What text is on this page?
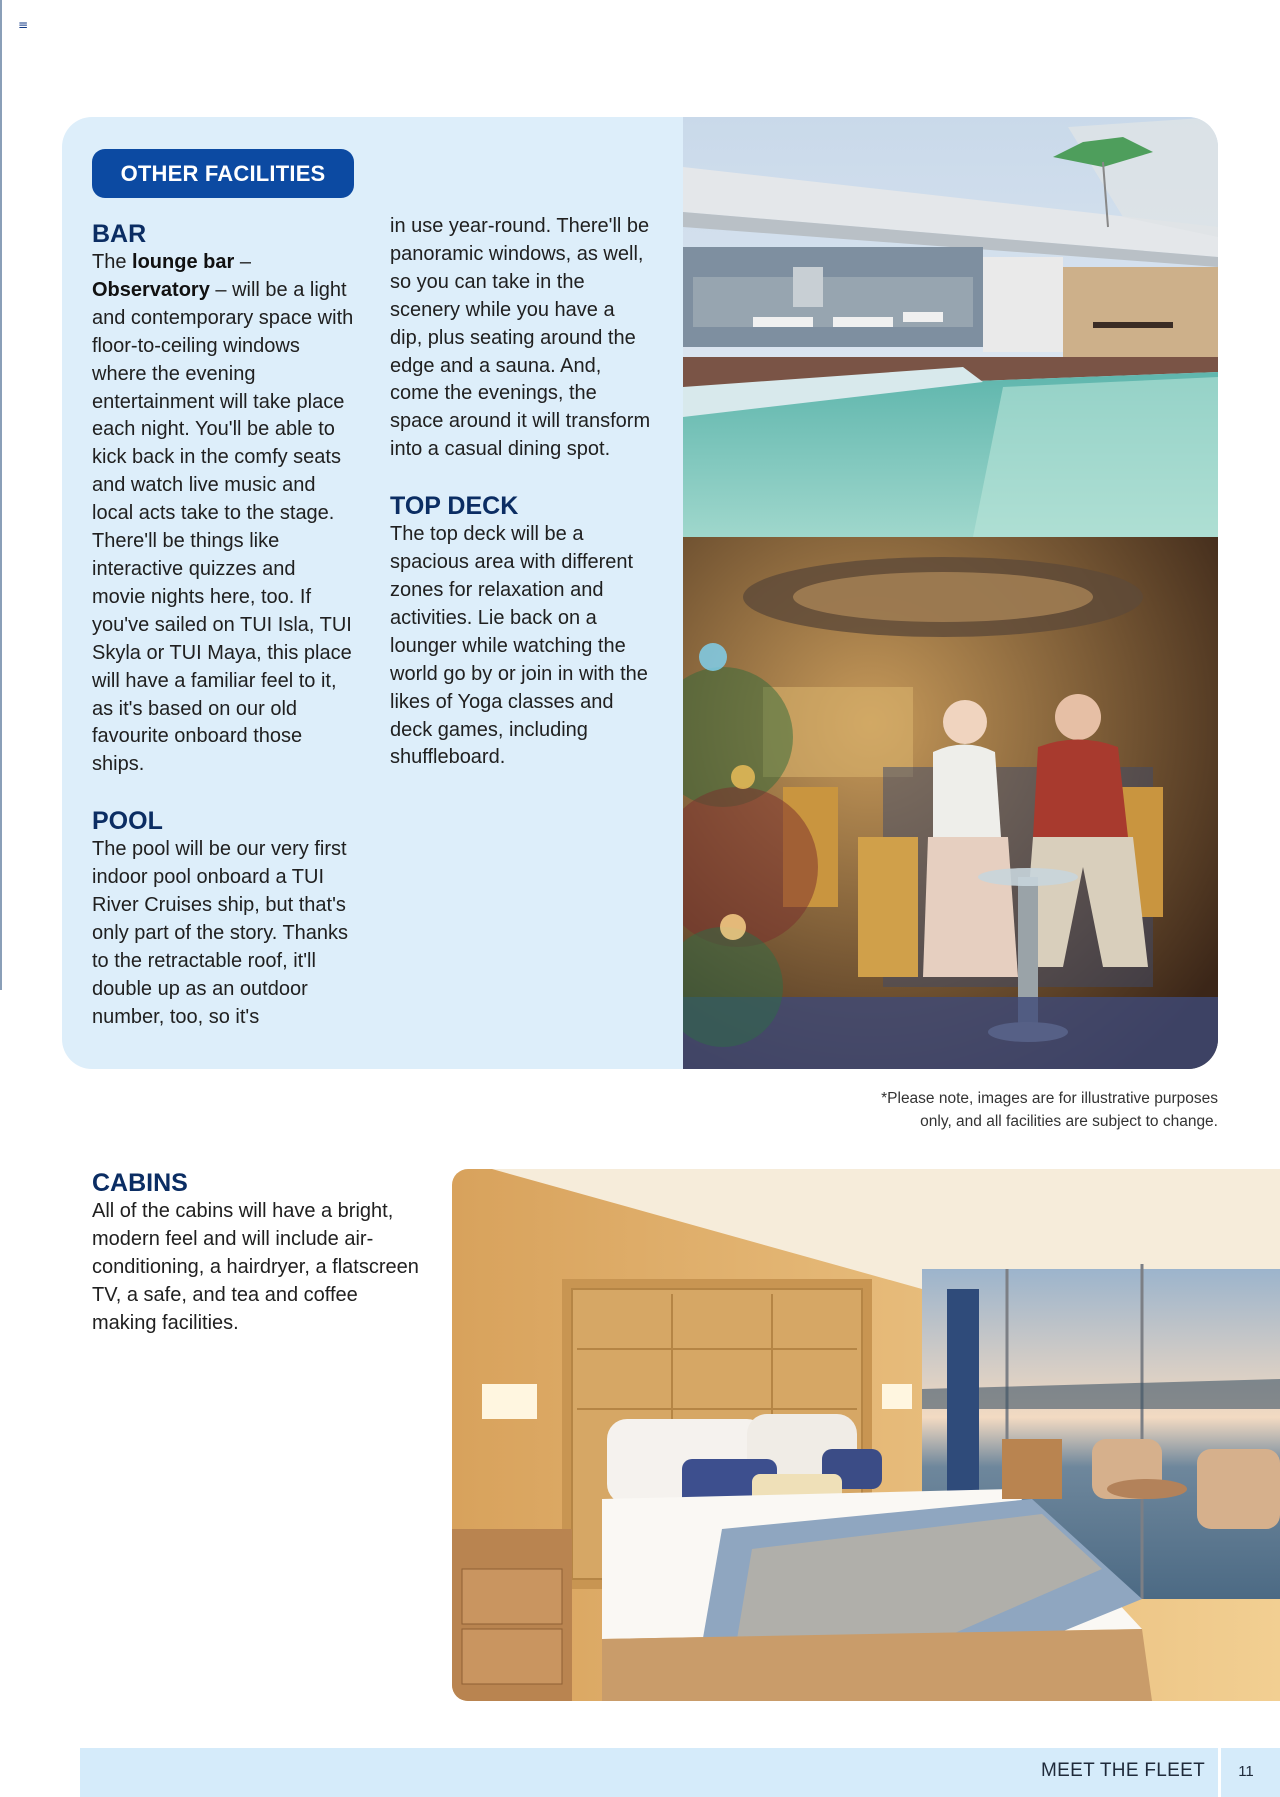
≡
OTHER FACILITIES
BAR

The lounge bar – Observatory – will be a light and contemporary space with floor-to-ceiling windows where the evening entertainment will take place each night. You'll be able to kick back in the comfy seats and watch live music and local acts take to the stage. There'll be things like interactive quizzes and movie nights here, too. If you've sailed on TUI Isla, TUI Skyla or TUI Maya, this place will have a familiar feel to it, as it's based on our old favourite onboard those ships.

POOL

The pool will be our very first indoor pool onboard a TUI River Cruises ship, but that's only part of the story. Thanks to the retractable roof, it'll double up as an outdoor number, too, so it's

in use year-round. There'll be panoramic windows, as well, so you can take in the scenery while you have a dip, plus seating around the edge and a sauna. And, come the evenings, the space around it will transform into a casual dining spot.

TOP DECK

The top deck will be a spacious area with different zones for relaxation and activities. Lie back on a lounger while watching the world go by or join in with the likes of Yoga classes and deck games, including shuffleboard.

*Please note, images are for illustrative purposes
only, and all facilities are subject to change.
CABINS

All of the cabins will have a bright, modern feel and will include air-conditioning, a hairdryer, a flatscreen TV, a safe, and tea and coffee making facilities.

MEET THE FLEET	11
